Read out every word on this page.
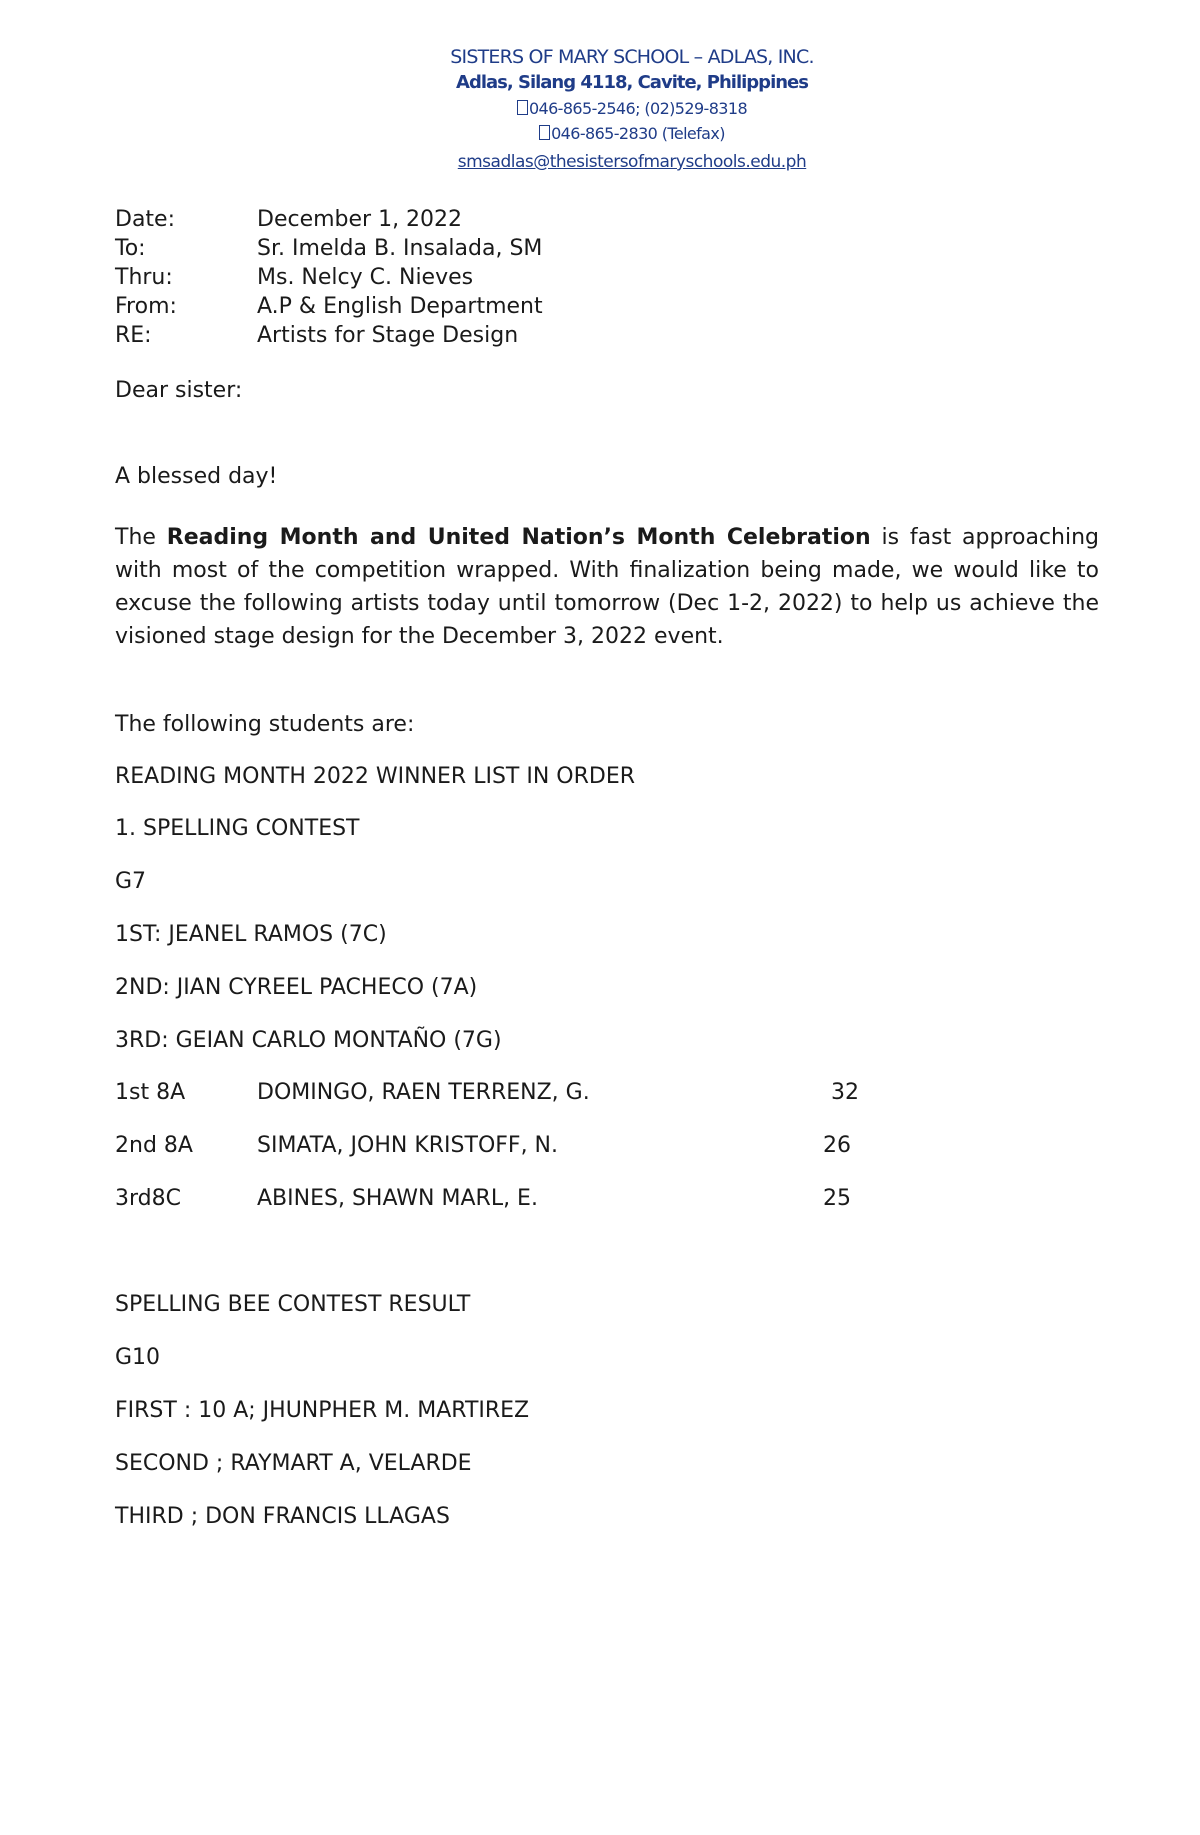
SISTERS OF MARY SCHOOL – ADLAS, INC.
Adlas, Silang 4118, Cavite, Philippines
046-865-2546; (02)529-8318
046-865-2830 (Telefax)
smsadlas@thesistersofmaryschools.edu.ph
Date:	December 1, 2022
To:	Sr. Imelda B. Insalada, SM
Thru:	Ms. Nelcy C. Nieves
From:	A.P & English Department
RE:	Artists for Stage Design
Dear sister:
A blessed day!
The Reading Month and United Nation’s Month Celebration is fast approaching with most of the competition wrapped. With finalization being made, we would like to excuse the following artists today until tomorrow (Dec 1-2, 2022) to help us achieve the visioned stage design for the December 3, 2022 event.
The following students are:
READING MONTH 2022 WINNER LIST IN ORDER
1. SPELLING CONTEST
G7
1ST: JEANEL RAMOS (7C)
2ND: JIAN CYREEL PACHECO (7A)
3RD: GEIAN CARLO MONTAÑO (7G)
1st 8A	DOMINGO, RAEN TERRENZ, G.	32
2nd 8A	SIMATA, JOHN KRISTOFF, N.	26
3rd8C	ABINES, SHAWN MARL, E.	25
SPELLING BEE CONTEST RESULT
G10
FIRST : 10 A; JHUNPHER M. MARTIREZ
SECOND ; RAYMART A, VELARDE
THIRD ; DON FRANCIS LLAGAS
